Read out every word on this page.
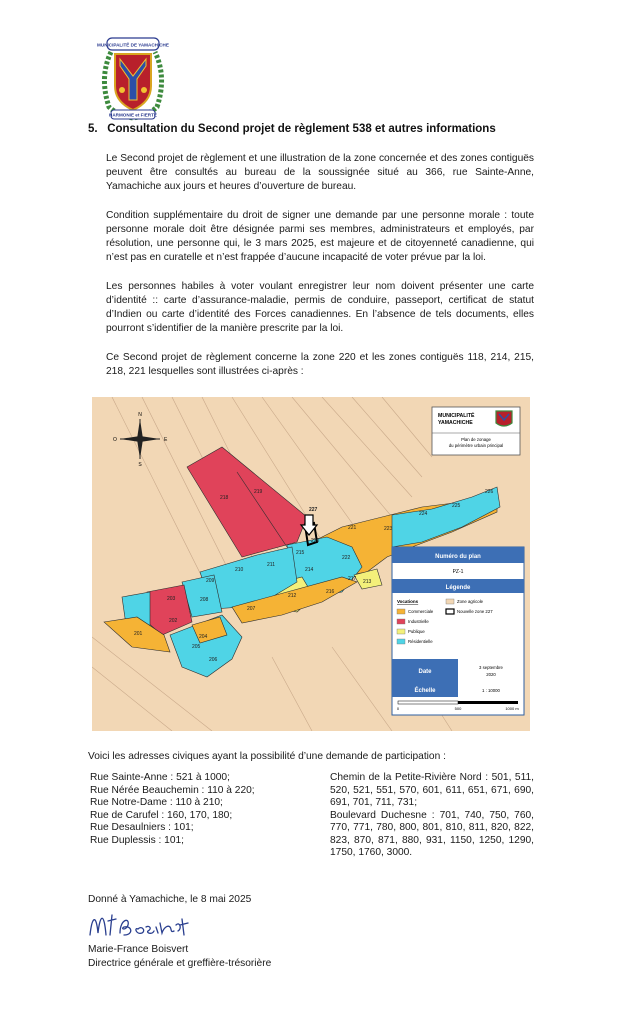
MUNICIPALITÉ DE YAMACHICHE
HARMONIE et FIERTÉ
5. Consultation du Second projet de règlement 538 et autres informations

Le Second projet de règlement et une illustration de la zone concernée et des zones contiguës peuvent être consultés au bureau de la soussignée situé au 366, rue Sainte-Anne, Yamachiche aux jours et heures d’ouverture de bureau.

Condition supplémentaire du droit de signer une demande par une personne morale : toute personne morale doit être désignée parmi ses membres, administrateurs et employés, par résolution, une personne qui, le 3 mars 2025, est majeure et de citoyenneté canadienne, qui n’est pas en curatelle et n’est frappée d’aucune incapacité de voter prévue par la loi.

Les personnes habiles à voter voulant enregistrer leur nom doivent présenter une carte d’identité :: carte d’assurance-maladie, permis de conduire, passeport, certificat de statut d’Indien ou carte d’identité des Forces canadiennes. En l’absence de tels documents, elles pourront s’identifier de la manière prescrite par la loi.

Ce Second projet de règlement concerne la zone 220 et les zones contiguës 118, 214, 215, 218, 221 lesquelles sont illustrées ci-après :

N
S
E
O
MUNICIPALITÉ
YAMACHICHE
Plan de zonage
du périmètre urbain principal
218
219
227
221	223
224
225
226
220
215
222
214
211
210
209
208
213
217
216
212
207
203
202
201	204
205
206
Numéro du plan
PZ-1
Légende
Vocations	Zone agricole
Commerciale	Nouvelle zone 227
Industrielle
Publique
Résidentielle
Date
3 septembre
2020
Échelle	1 : 10000
0	500	1000 m
Voici les adresses civiques ayant la possibilité d’une demande de participation :
Rue Sainte-Anne : 521 à 1000;
Rue Nérée Beauchemin : 110 à 220;
Rue Notre-Dame : 110 à 210;
Rue de Carufel : 160, 170, 180;
Rue Desaulniers : 101;
Rue Duplessis : 101;
Chemin de la Petite-Rivière Nord : 501, 511, 520, 521, 551, 570, 601, 611, 651, 671, 690, 691, 701, 711, 731;
Boulevard Duchesne : 701, 740, 750, 760, 770, 771, 780, 800, 801, 810, 811, 820, 822, 823, 870, 871, 880, 931, 1150, 1250, 1290, 1750, 1760, 3000.
Donné à Yamachiche, le 8 mai 2025
Marie-France Boisvert
Directrice générale et greffière-trésorière
